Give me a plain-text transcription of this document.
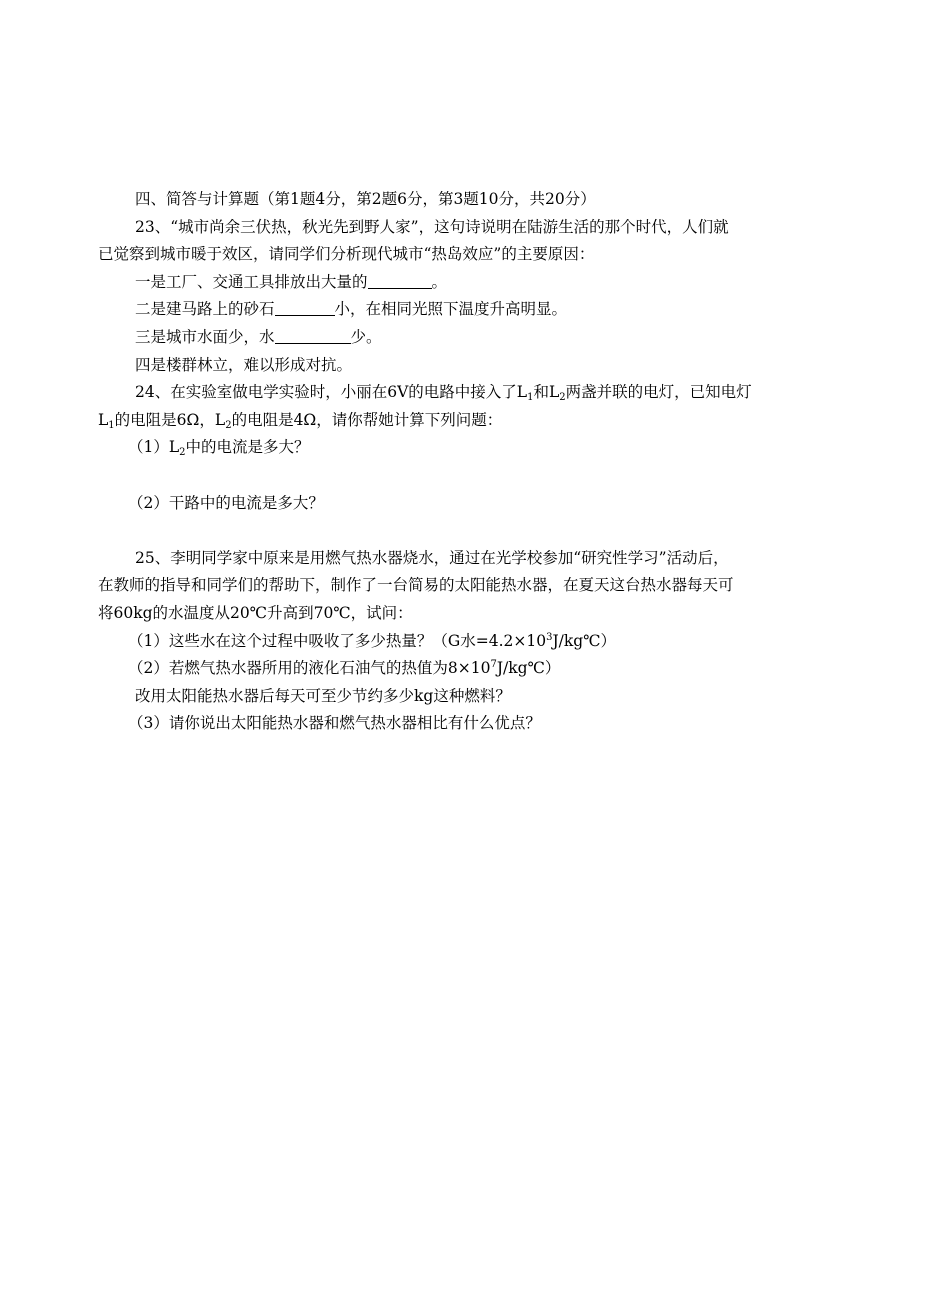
四、简答与计算题（第1题4分，第2题6分，第3题10分，共20分）
23、“城市尚余三伏热，秋光先到野人家”，这句诗说明在陆游生活的那个时代，人们就
已觉察到城市暖于效区，请同学们分析现代城市“热岛效应”的主要原因：
一是工厂、交通工具排放出大量的	。
二是建马路上的砂石	小，在相同光照下温度升高明显。
三是城市水面少，水	少。
四是楼群林立，难以形成对抗。
24、在实验室做电学实验时，小丽在6V的电路中接入了$L_1$和$L_2$两盏并联的电灯，已知电灯
$L_1$的电阻是6Ω，$L_2$的电阻是4Ω，请你帮她计算下列问题：
$(1)L_2$中的电流是多大？
（2）干路中的电流是多大？
25、李明同学家中原来是用燃气热水器烧水，通过在光学校参加“研究性学习”活动后，
在教师的指导和同学们的帮助下，制作了一台简易的太阳能热水器，在夏天这台热水器每天可
将60kg的水温度从20℃升高到70℃，试问：
（1）这些水在这个过程中吸收了多少热量？（G水$=4.2\times 10^3J/kg℃$）
（2）若燃气热水器所用的液化石油气的热值为$8\times 10^7J/kg℃$）
改用太阳能热水器后每天可至少节约多少kg这种燃料？
（3）请你说出太阳能热水器和燃气热水器相比有什么优点？
